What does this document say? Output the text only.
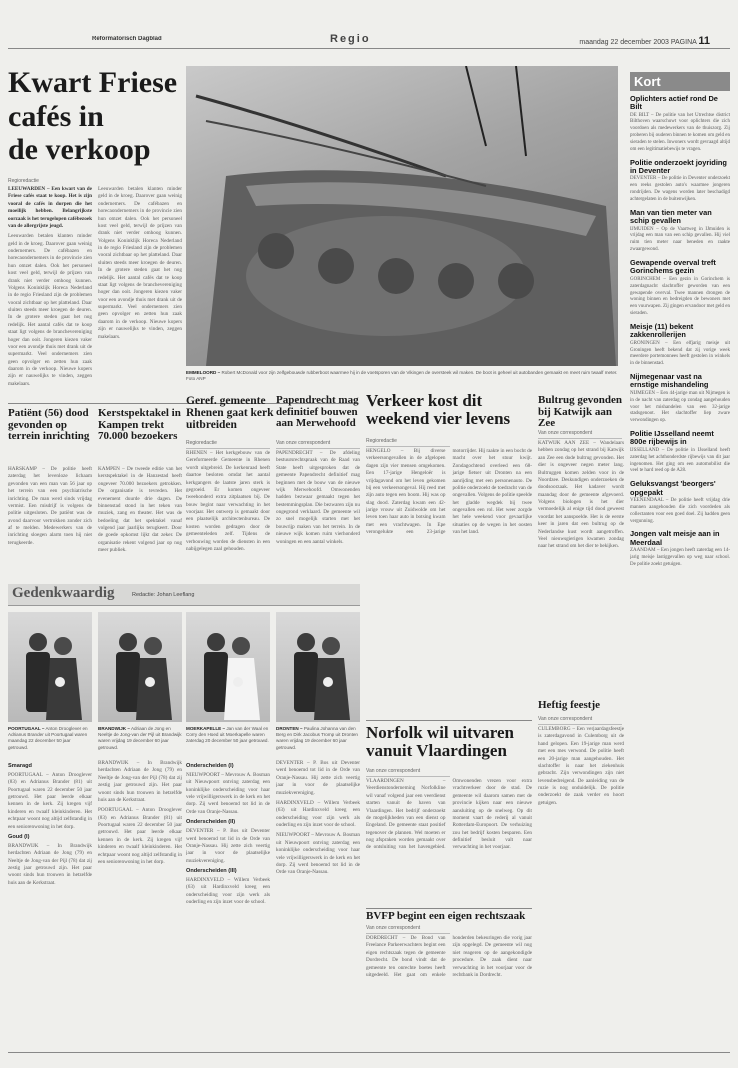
Reformatorisch Dagblad	Regio	maandag 22 december 2003 PAGINA 11
Kwart Friese
cafés in
de verkoop
Regioredactie

LEEUWARDEN – Een kwart van de Friese cafés staat te koop. Het is zijn vooral de cafés in dorpen die het moeilijk hebben. Belangrijkste oorzaak is het terugelopen cafébezoek van de allergrijste jeugd.

Leeuwarden betalen klanten minder geld in de kroeg. Daarover gaan weinig ondernemers. De cafébazen en horecaondernemers in de provincie zien hun omzet dalen. Ook het personeel kost veel geld, terwijl de prijzen van drank niet verder omhoog kunnen. Volgens Koninklijk Horeca Nederland in de regio Friesland zijn de problemen vooral zichtbaar op het platteland. Daar sluiten steeds meer kroegen de deuren. In de grotere steden gaat het nog redelijk. Het aantal cafés dat te koop staat ligt volgens de branchevereniging hoger dan ooit. Jongeren kiezen vaker voor een avondje thuis met drank uit de supermarkt. Veel ondernemers zien geen opvolger en zetten hun zaak daarom in de verkoop. Nieuwe kopers zijn er nauwelijks te vinden, zeggen makelaars.

Leeuwarden betalen klanten minder geld in de kroeg. Daarover gaan weinig ondernemers. De cafébazen en horecaondernemers in de provincie zien hun omzet dalen. Ook het personeel kost veel geld, terwijl de prijzen van drank niet verder omhoog kunnen. Volgens Koninklijk Horeca Nederland in de regio Friesland zijn de problemen vooral zichtbaar op het platteland. Daar sluiten steeds meer kroegen de deuren. In de grotere steden gaat het nog redelijk. Het aantal cafés dat te koop staat ligt volgens de branchevereniging hoger dan ooit. Jongeren kiezen vaker voor een avondje thuis met drank uit de supermarkt. Veel ondernemers zien geen opvolger en zetten hun zaak daarom in de verkoop. Nieuwe kopers zijn er nauwelijks te vinden, zeggen makelaars.

EMMELOORD – Robert McDonald voor zijn zelfgebouwde rubberboot waarmee hij in de voetsporen van de Vikingen de oversteek wil maken. De boot is geheel uit autobanden gemaakt en meet ruim twaalf meter. Foto ANP
Kort
Oplichters actief rond De Bilt

DE BILT – De politie van het Utrechtse district Bilthoven waarschuwt voor oplichters die zich voordoen als medewerkers van de thuiszorg. Zij proberen bij ouderen binnen te komen om geld en sieraden te stelen. Inwoners wordt gevraagd altijd om een legitimatiebewijs te vragen.

Politie onderzoekt joyriding in Deventer

DEVENTER – De politie in Deventer onderzoekt een reeks gestolen auto's waarmee jongeren rondrijden. De wagens worden later beschadigd achtergelaten in de buitenwijken.

Man van tien meter van schip gevallen

IJMUIDEN – Op de Vaartweg in IJmuiden is vrijdag een man van een schip gevallen. Hij viel ruim tien meter naar beneden en raakte zwaargewond.

Gewapende overval treft Gorinchems gezin

GORINCHEM – Een gezin in Gorinchem is zaterdagnacht slachtoffer geworden van een gewapende overval. Twee mannen drongen de woning binnen en bedreigden de bewoners met een vuurwapen. Zij gingen ervandoor met geld en sieraden.

Meisje (11) bekent zakkenrollerijen

GRONINGEN – Een elfjarig meisje uit Groningen heeft bekend dat zij vorige week meerdere portemonnees heeft gestolen in winkels in de binnenstad.

Nijmegenaar vast na ernstige mishandeling

NIJMEGEN – Een 44-jarige man uit Nijmegen is in de nacht van zaterdag op zondag aangehouden voor het mishandelen van een 32-jarige stadsgenoot. Het slachtoffer liep zware verwondingen op.

Politie IJsselland neemt 800e rijbewijs in

IJSSELLAND – De politie in IJsselland heeft zaterdag het achthonderdste rijbewijs van dit jaar ingenomen. Het ging om een automobilist die veel te hard reed op de A28.

Geluksvangst 'beorgers' opgepakt

VEENENDAAL – De politie heeft vrijdag drie mannen aangehouden die zich voordeden als collectanten voor een goed doel. Zij hadden geen vergunning.

Jongen valt meisje aan in Meerdaal

ZAANDAM – Een jongen heeft zaterdag een 14-jarig meisje lastiggevallen op weg naar school. De politie zoekt getuigen.

Patiënt (56) dood gevonden op terrein inrichting
HARSKAMP – De politie heeft zaterdag het levenloze lichaam gevonden van een man van 56 jaar op het terrein van een psychiatrische inrichting. De man werd sinds vrijdag vermist. Een misdrijf is volgens de politie uitgesloten. De patiënt was de avond daarvoor vertrokken zonder zich af te melden. Medewerkers van de inrichting sloegen alarm toen hij niet terugkeerde.
Kerstspektakel in Kampen trekt 70.000 bezoekers
KAMPEN – De tweede editie van het kerstspektakel in de Hanzestad heeft ongeveer 70.000 bezoekers getrokken. De organisatie is tevreden. Het evenement duurde drie dagen. De binnenstad stond in het teken van muziek, zang en theater. Het was de bedoeling dat het spektakel vanaf volgend jaar jaarlijks terugkeert. Door de goede opkomst lijkt dat zeker. De organisatie rekent volgend jaar op nog meer publiek.
Geref. gemeente Rhenen gaat kerk uitbreiden
Regioredactie
RHENEN – Het kerkgebouw van de Gereformeerde Gemeente in Rhenen wordt uitgebreid. De kerkenraad heeft daartoe besloten omdat het aantal kerkgangers de laatste jaren sterk is gegroeid. Er komen ongeveer tweehonderd extra zitplaatsen bij. De bouw begint naar verwachting in het voorjaar. Het ontwerp is gemaakt door een plaatselijk architectenbureau. De kosten worden gedragen door de gemeenteleden zelf. Tijdens de verbouwing worden de diensten in een nabijgelegen zaal gehouden.
Papendrecht mag definitief bouwen aan Merwehoofd
Van onze correspondent
PAPENDRECHT – De afdeling bestuursrechtspraak van de Raad van State heeft uitgesproken dat de gemeente Papendrecht definitief mag beginnen met de bouw van de nieuwe wijk Merwehoofd. Omwonenden hadden bezwaar gemaakt tegen het bestemmingsplan. Die bezwaren zijn nu ongegrond verklaard. De gemeente wil zo snel mogelijk starten met het bouwrijp maken van het terrein. In de nieuwe wijk komen ruim vierhonderd woningen en een aantal winkels.
Verkeer kost dit weekend vier levens
Regioredactie
HENGELO – Bij diverse verkeersongevallen in de afgelopen dagen zijn vier mensen omgekomen. Een 17-jarige Hengeloër is vrijdagavond om het leven gekomen bij een verkeersongeval. Hij reed met zijn auto tegen een boom. Hij was op slag dood. Zaterdag kwam een 42-jarige vrouw uit Zuidwolde om het leven toen haar auto in botsing kwam met een vrachtwagen. In Epe verongelukte een 23-jarige motorrijder. Hij raakte in een bocht de macht over het stuur kwijt. Zondagochtend overleed een 68-jarige fietser uit Dronten na een aanrijding met een personenauto. De politie onderzoekt de toedracht van de ongevallen. Volgens de politie speelde het gladde wegdek bij twee ongevallen een rol. Het weer zorgde het hele weekend voor gevaarlijke situaties op de wegen in het oosten van het land.
Bultrug gevonden bij Katwijk aan Zee
Van onze correspondent
KATWIJK AAN ZEE – Wandelaars hebben zondag op het strand bij Katwijk aan Zee een dode bultrug gevonden. Het dier is ongeveer negen meter lang. Bultruggen komen zelden voor in de Noordzee. Deskundigen onderzoeken de doodsoorzaak. Het kadaver wordt maandag door de gemeente afgevoerd. Volgens biologen is het dier vermoedelijk al enige tijd dood geweest voordat het aanspoelde. Het is de eerste keer in jaren dat een bultrug op de Nederlandse kust wordt aangetroffen. Veel nieuwsgierigen kwamen zondag naar het strand om het dier te bekijken.
Heftig feestje
Van onze correspondent
CULEMBORG – Een verjaardagsfeestje is zaterdagavond in Culemborg uit de hand gelopen. Een 19-jarige man werd met een mes verwond. De politie heeft een 20-jarige man aangehouden. Het slachtoffer is naar het ziekenhuis gebracht. Zijn verwondingen zijn niet levensbedreigend. De aanleiding van de ruzie is nog onduidelijk. De politie onderzoekt de zaak verder en hoort getuigen.
Gedenkwaardig	Redactie: Johan Leeflang
POORTUGAAL – Anton Drooglever en Adrianus Brander uit Poortugaal waren maandag 22 december 50 jaar getrouwd.
BRANDWIJK – Adriaan de Jong en Neeltje de Jong-van der Pijl uit Brandwijk waren vrijdag 19 december 60 jaar getrouwd.
MOERKAPELLE – Jan van der Waal en Corry den Hoed uit Moerkapelle waren zaterdag 20 december 50 jaar getrouwd.
DRONTEN – Paulina Johanna van den Berg en Dirk Jacobus Tromp uit Dronten waren vrijdag 19 december 60 jaar getrouwd.
Smaragd

POORTUGAAL – Anton Drooglever (83) en Adrianus Brander (81) uit Poortugaal waren 22 december 50 jaar getrouwd. Het paar leerde elkaar kennen in de kerk. Zij kregen vijf kinderen en twaalf kleinkinderen. Het echtpaar woont nog altijd zelfstandig in een seniorenwoning in het dorp.

Goud (I)

BRANDWIJK – In Brandwijk herdachten Adriaan de Jong (79) en Neeltje de Jong-van der Pijl (78) dat zij zestig jaar getrouwd zijn. Het paar woont sinds hun trouwen in hetzelfde huis aan de Kerkstraat.

BRANDWIJK – In Brandwijk herdachten Adriaan de Jong (79) en Neeltje de Jong-van der Pijl (78) dat zij zestig jaar getrouwd zijn. Het paar woont sinds hun trouwen in hetzelfde huis aan de Kerkstraat.

POORTUGAAL – Anton Drooglever (83) en Adrianus Brander (81) uit Poortugaal waren 22 december 50 jaar getrouwd. Het paar leerde elkaar kennen in de kerk. Zij kregen vijf kinderen en twaalf kleinkinderen. Het echtpaar woont nog altijd zelfstandig in een seniorenwoning in het dorp.

Onderscheiden (I)

NIEUWPOORT – Mevrouw A. Bosman uit Nieuwpoort ontving zaterdag een koninklijke onderscheiding voor haar vele vrijwilligerswerk in de kerk en het dorp. Zij werd benoemd tot lid in de Orde van Oranje-Nassau.

Onderscheiden (II)

DEVENTER – P. Bos uit Deventer werd benoemd tot lid in de Orde van Oranje-Nassau. Hij zette zich veertig jaar in voor de plaatselijke muziekvereniging.

Onderscheiden (III)

HARDINXVELD – Willem Verbeek (63) uit Hardinxveld kreeg een onderscheiding voor zijn werk als ouderling en zijn inzet voor de school.

DEVENTER – P. Bos uit Deventer werd benoemd tot lid in de Orde van Oranje-Nassau. Hij zette zich veertig jaar in voor de plaatselijke muziekvereniging.

HARDINXVELD – Willem Verbeek (63) uit Hardinxveld kreeg een onderscheiding voor zijn werk als ouderling en zijn inzet voor de school.

NIEUWPOORT – Mevrouw A. Bosman uit Nieuwpoort ontving zaterdag een koninklijke onderscheiding voor haar vele vrijwilligerswerk in de kerk en het dorp. Zij werd benoemd tot lid in de Orde van Oranje-Nassau.

Norfolk wil uitvaren vanuit Vlaardingen
Van onze correspondent
VLAARDINGEN – Veerdienstonderneming Norfolkline wil vanaf volgend jaar een veerdienst starten vanuit de haven van Vlaardingen. Het bedrijf onderzoekt de mogelijkheden van een dienst op Engeland. De gemeente staat positief tegenover de plannen. Wel moeten er nog afspraken worden gemaakt over de ontsluiting van het havengebied. Omwonenden vrezen voor extra vrachtverkeer door de stad. De gemeente wil daarom samen met de provincie kijken naar een nieuwe aansluiting op de snelweg. Op dit moment vaart de rederij al vanuit Rotterdam-Europoort. De verhuizing zou het bedrijf kosten besparen. Een definitief besluit valt naar verwachting in het voorjaar.
BVFP begint een eigen rechtszaak
Van onze correspondent
DORDRECHT – De Bond van Freelance Parkeerwachters begint een eigen rechtszaak tegen de gemeente Dordrecht. De bond vindt dat de gemeente ten onrechte boetes heeft uitgedeeld. Het gaat om enkele honderden bekeuringen die vorig jaar zijn opgelegd. De gemeente wil nog niet reageren op de aangekondigde procedure. De zaak dient naar verwachting in het voorjaar voor de rechtbank in Dordrecht.
